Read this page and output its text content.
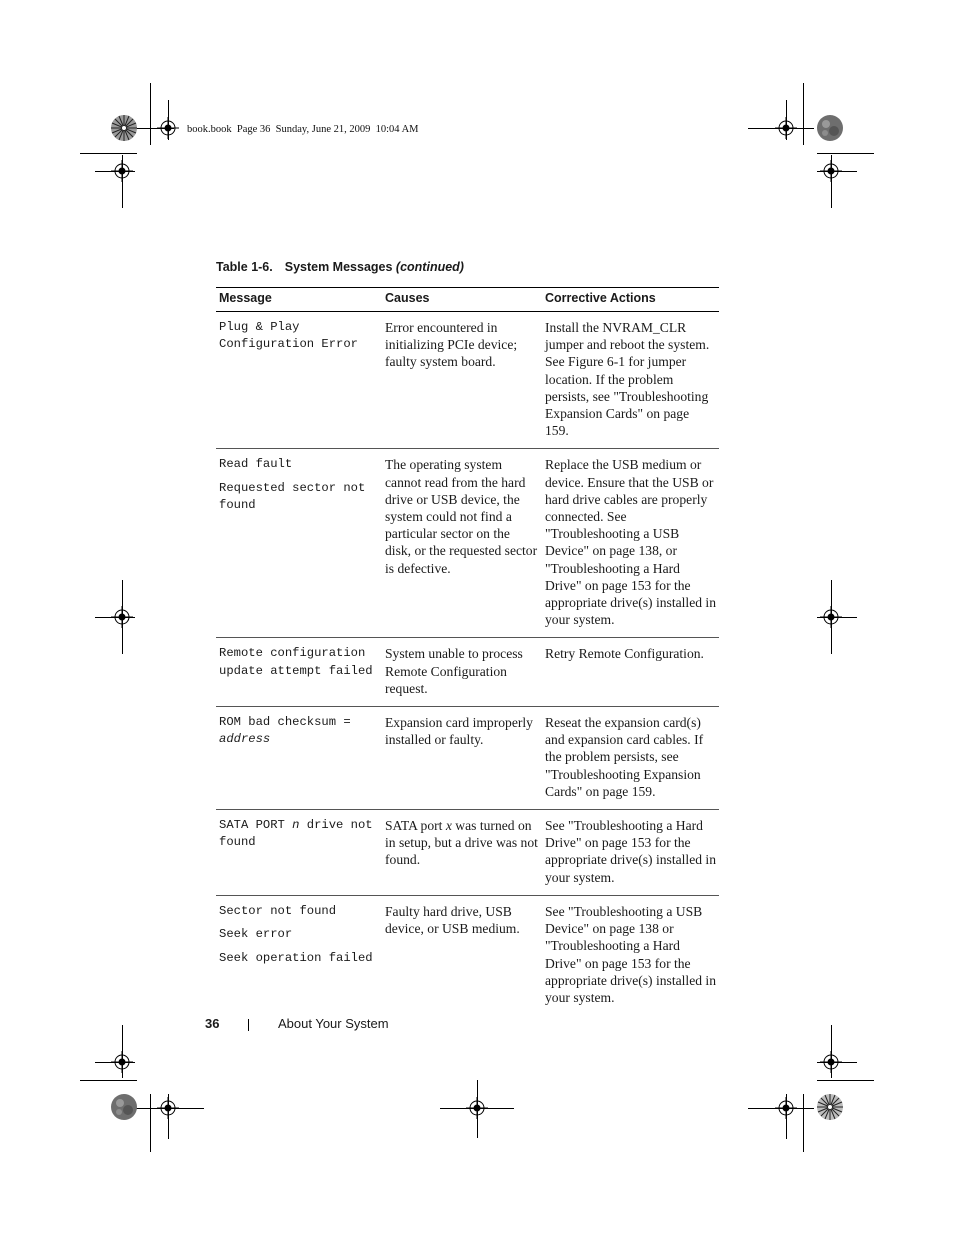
book.book Page 36 Sunday, June 21, 2009 10:04 AM
Table 1-6. System Messages (continued)
Message	Causes	Corrective Actions

Plug & Play Configuration Error	Error encountered in initializing PCIe device; faulty system board.	Install the NVRAM_CLR jumper and reboot the system. See Figure 6-1 for jumper location. If the problem persists, see "Troubleshooting Expansion Cards" on page 159.

Read fault
Requested sector not found	The operating system cannot read from the hard drive or USB device, the system could not find a particular sector on the disk, or the requested sector is defective.	Replace the USB medium or device. Ensure that the USB or hard drive cables are properly connected. See "Troubleshooting a USB Device" on page 138, or "Troubleshooting a Hard Drive" on page 153 for the appropriate drive(s) installed in your system.

Remote configuration update attempt failed	System unable to process Remote Configuration request.	Retry Remote Configuration.

ROM bad checksum = address	Expansion card improperly installed or faulty.	Reseat the expansion card(s) and expansion card cables. If the problem persists, see "Troubleshooting Expansion Cards" on page 159.

SATA PORT n drive not found	SATA port x was turned on in setup, but a drive was not found.	See "Troubleshooting a Hard Drive" on page 153 for the appropriate drive(s) installed in your system.

Sector not found
Seek error
Seek operation failed	Faulty hard drive, USB device, or USB medium.	See "Troubleshooting a USB Device" on page 138 or "Troubleshooting a Hard Drive" on page 153 for the appropriate drive(s) installed in your system.
36	About Your System
